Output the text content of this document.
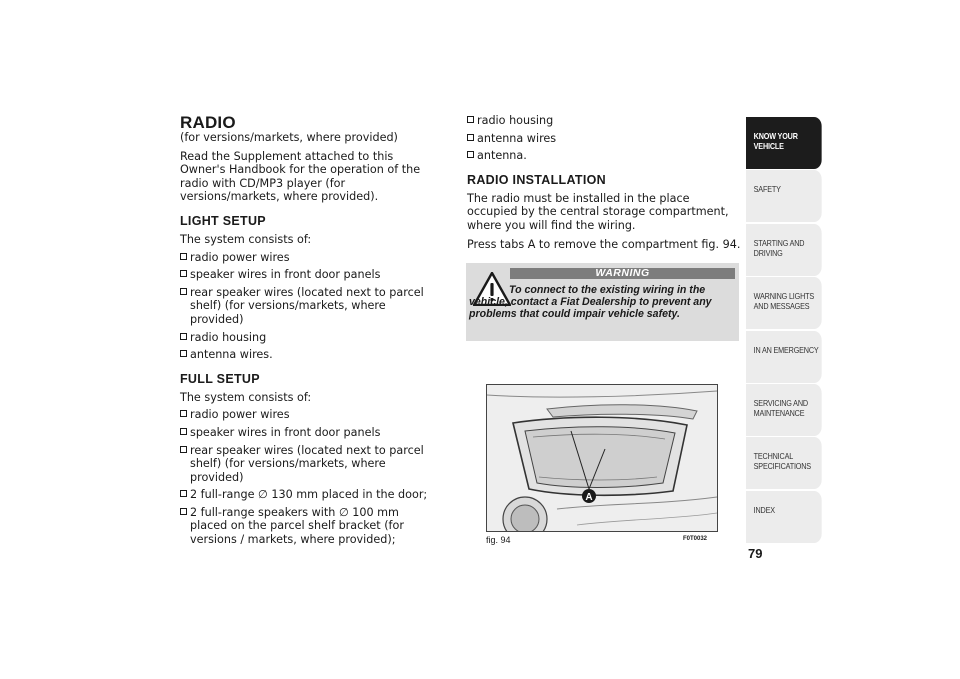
RADIO

(for versions/markets, where provided)

Read the Supplement attached to this Owner's Handbook for the operation of the radio with CD/MP3 player (for versions/markets, where provided).

LIGHT SETUP

The system consists of:

radio power wires
speaker wires in front door panels
rear speaker wires (located next to parcel shelf) (for versions/markets, where provided)
radio housing
antenna wires.
FULL SETUP

The system consists of:

radio power wires
speaker wires in front door panels
rear speaker wires (located next to parcel shelf) (for versions/markets, where provided)
2 full-range ∅ 130 mm placed in the door;
2 full-range speakers with ∅ 100 mm placed on the parcel shelf bracket (for versions / markets, where provided);
radio housing
antenna wires
antenna.
RADIO INSTALLATION

The radio must be installed in the place occupied by the central storage compartment, where you will find the wiring.

Press tabs A to remove the compartment fig. 94.

WARNING
To connect to the existing wiring in the vehicle, contact a Fiat Dealership to prevent any problems that could impair vehicle safety.
A
fig. 94	F0T0032
KNOW YOUR VEHICLE
SAFETY
STARTING AND DRIVING
WARNING LIGHTS AND MESSAGES
IN AN EMERGENCY
SERVICING AND MAINTENANCE
TECHNICAL SPECIFICATIONS
INDEX
79
